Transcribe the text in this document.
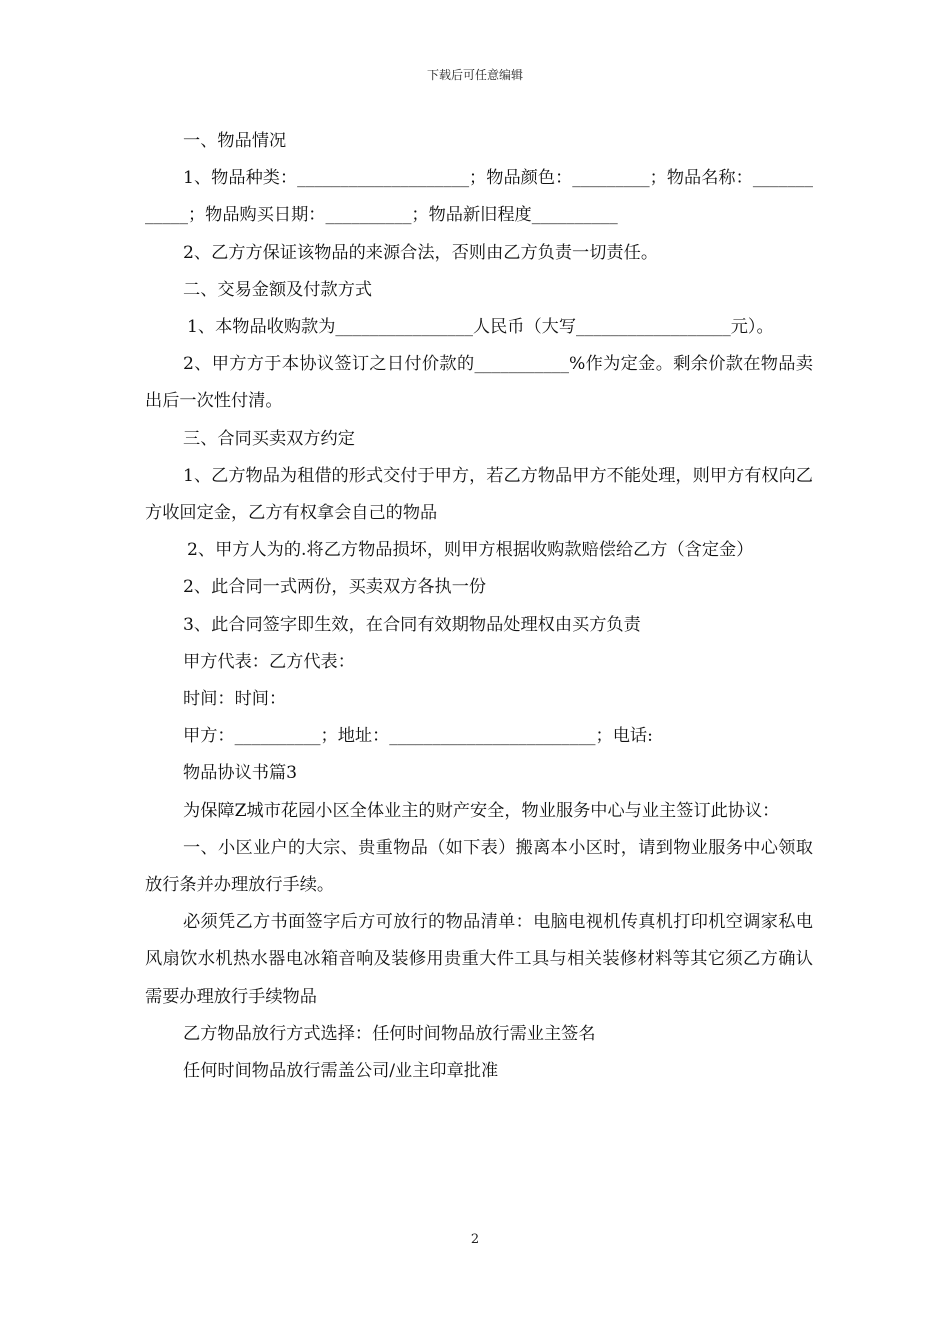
下载后可任意编辑

一、物品情况

1、物品种类：____________________；物品颜色：_________；物品名称：____________；物品购买日期：__________；物品新旧程度__________

2、乙方方保证该物品的来源合法，否则由乙方负责一切责任。

二、交易金额及付款方式

1、本物品收购款为________________人民币（大写__________________元）。

2、甲方方于本协议签订之日付价款的___________%作为定金。剩余价款在物品卖出后一次性付清。

三、合同买卖双方约定

1、乙方物品为租借的形式交付于甲方，若乙方物品甲方不能处理，则甲方有权向乙方收回定金，乙方有权拿会自己的物品

2、甲方人为的.将乙方物品损坏，则甲方根据收购款赔偿给乙方（含定金）

2、此合同一式两份，买卖双方各执一份

3、此合同签字即生效，在合同有效期物品处理权由买方负责

甲方代表：乙方代表：

时间：时间：

甲方：__________；地址：________________________；电话:

物品协议书篇3

为保障Z城市花园小区全体业主的财产安全，物业服务中心与业主签订此协议：

一、小区业户的大宗、贵重物品（如下表）搬离本小区时，请到物业服务中心领取放行条并办理放行手续。

必须凭乙方书面签字后方可放行的物品清单：电脑电视机传真机打印机空调家私电风扇饮水机热水器电冰箱音响及装修用贵重大件工具与相关装修材料等其它须乙方确认需要办理放行手续物品

乙方物品放行方式选择：任何时间物品放行需业主签名

任何时间物品放行需盖公司/业主印章批准

2
